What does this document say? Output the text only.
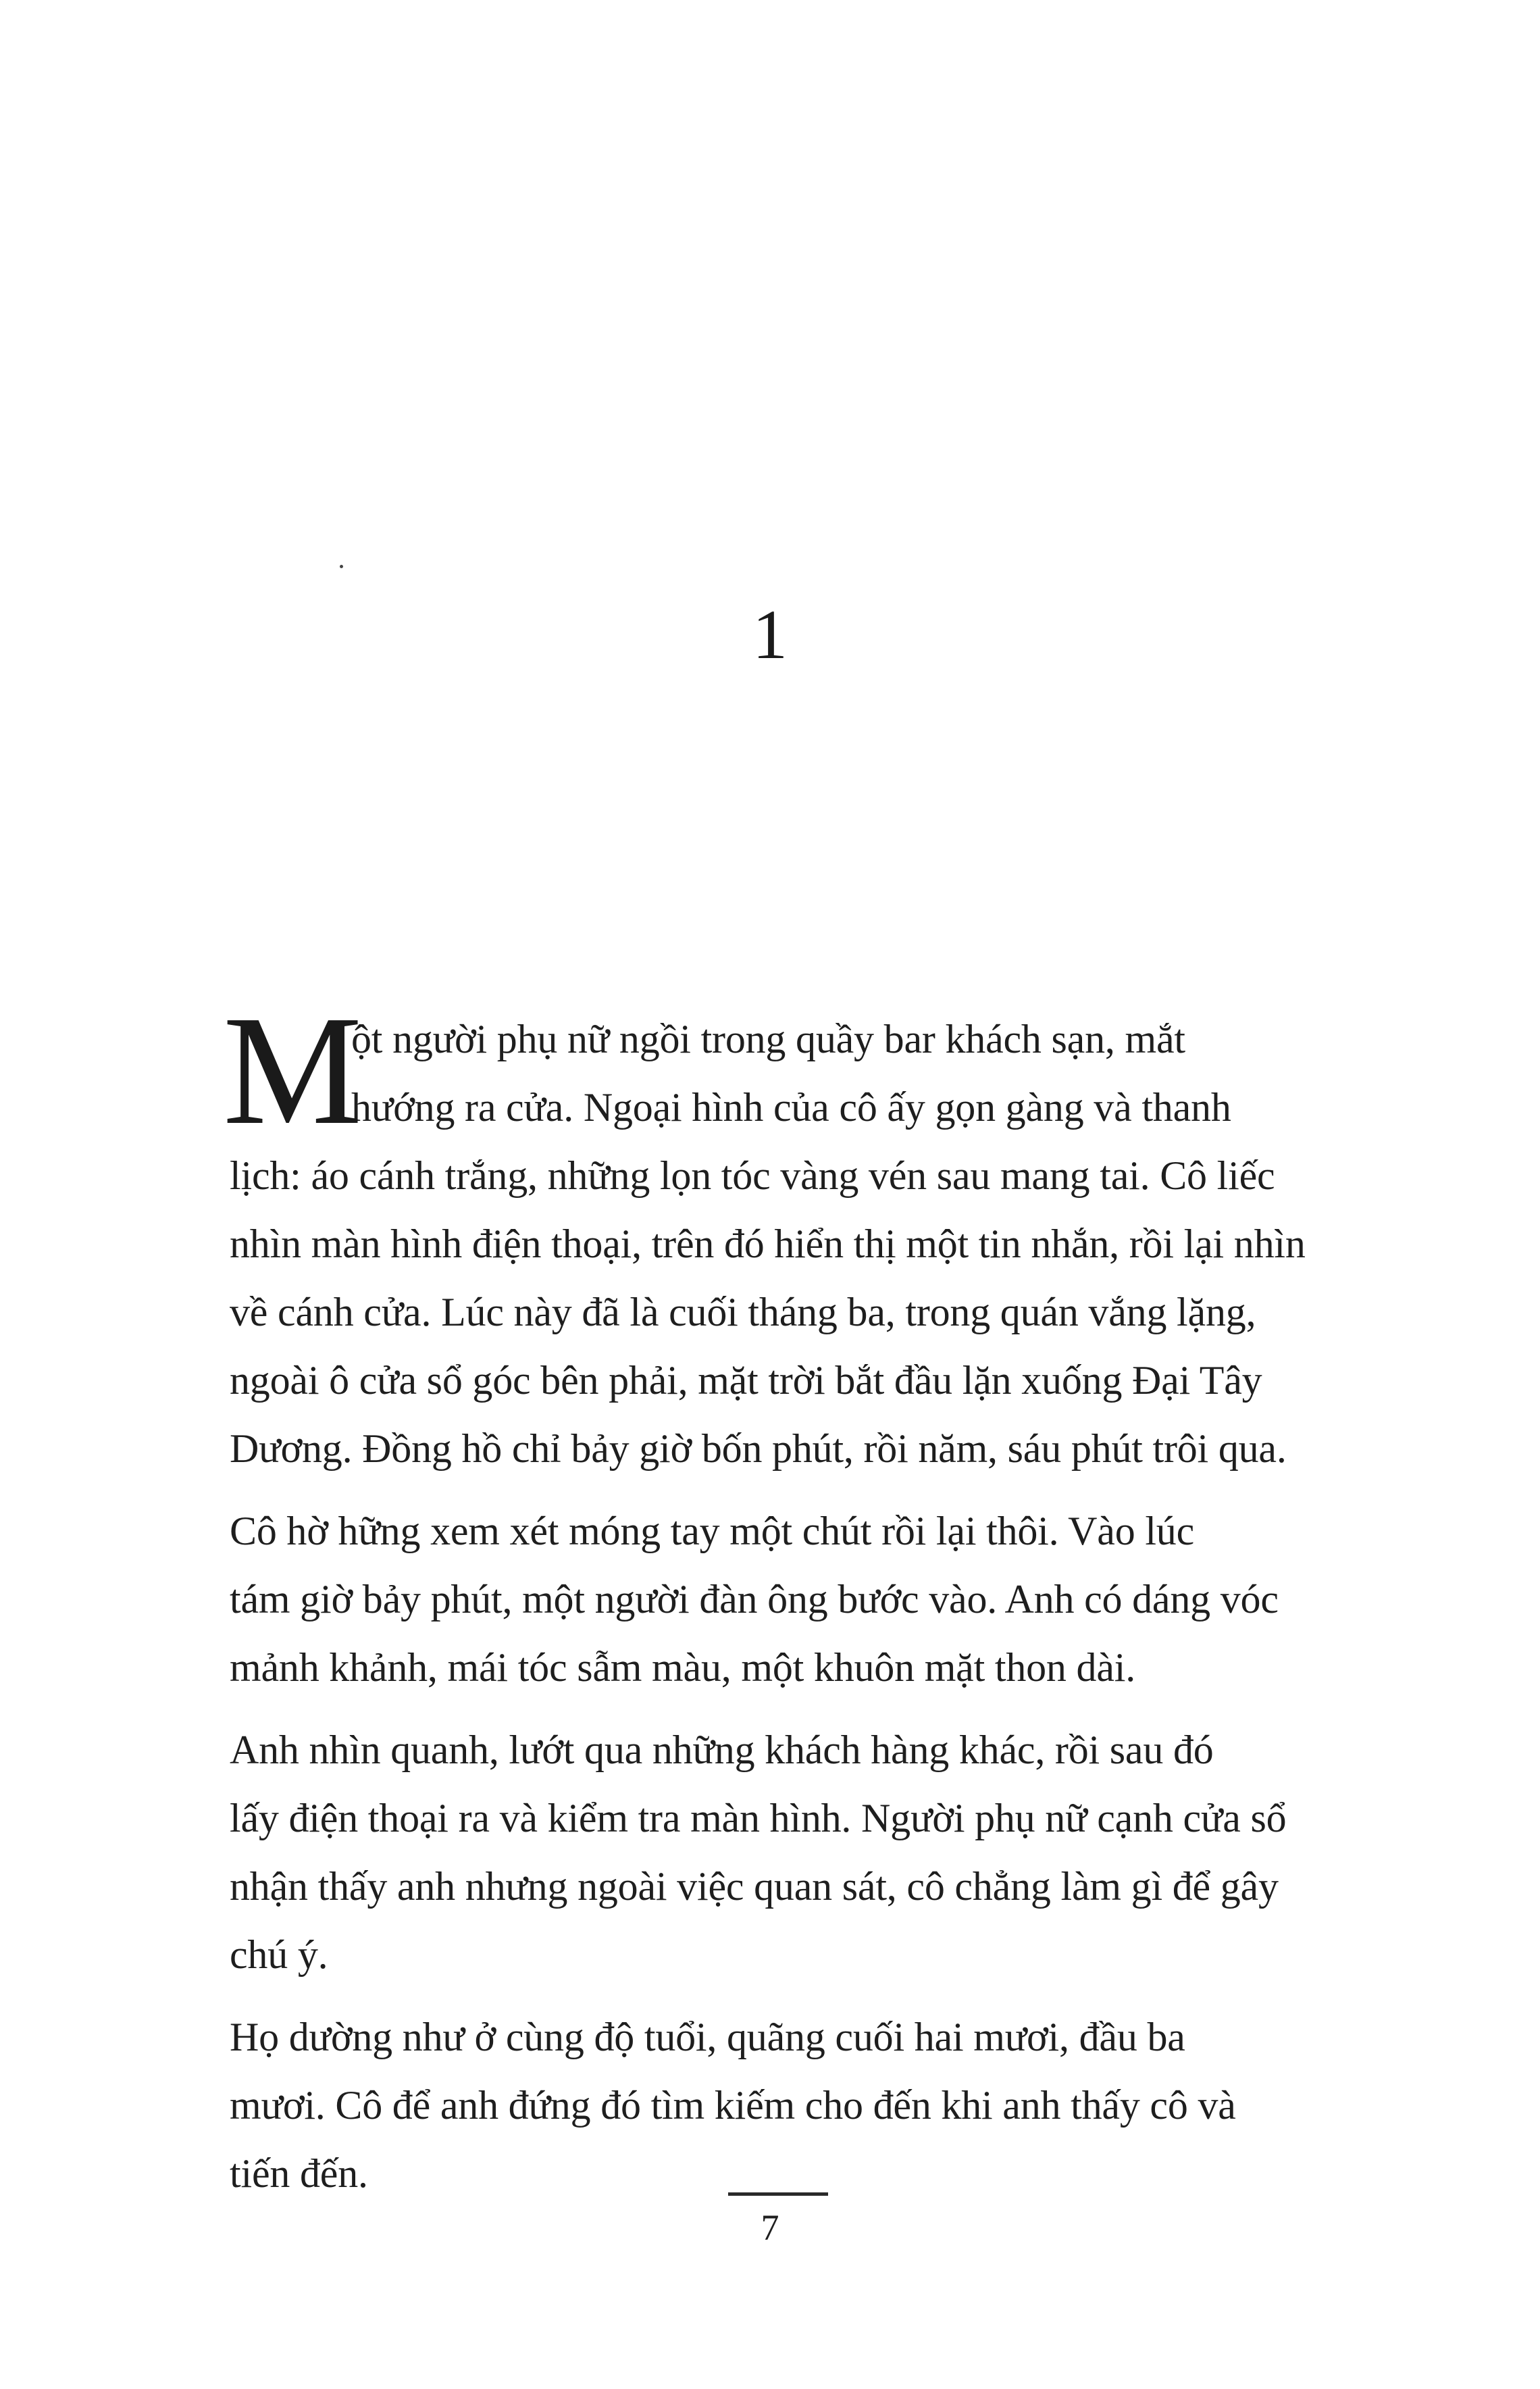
1

M
ột người phụ nữ ngồi trong quầy bar khách sạn, mắt
hướng ra cửa. Ngoại hình của cô ấy gọn gàng và thanh
lịch: áo cánh trắng, những lọn tóc vàng vén sau mang tai. Cô liếc
nhìn màn hình điện thoại, trên đó hiển thị một tin nhắn, rồi lại nhìn
về cánh cửa. Lúc này đã là cuối tháng ba, trong quán vắng lặng,
ngoài ô cửa sổ góc bên phải, mặt trời bắt đầu lặn xuống Đại Tây
Dương. Đồng hồ chỉ bảy giờ bốn phút, rồi năm, sáu phút trôi qua.

Cô hờ hững xem xét móng tay một chút rồi lại thôi. Vào lúc
tám giờ bảy phút, một người đàn ông bước vào. Anh có dáng vóc
mảnh khảnh, mái tóc sẫm màu, một khuôn mặt thon dài.

Anh nhìn quanh, lướt qua những khách hàng khác, rồi sau đó
lấy điện thoại ra và kiểm tra màn hình. Người phụ nữ cạnh cửa sổ
nhận thấy anh nhưng ngoài việc quan sát, cô chẳng làm gì để gây
chú ý.

Họ dường như ở cùng độ tuổi, quãng cuối hai mươi, đầu ba
mươi. Cô để anh đứng đó tìm kiếm cho đến khi anh thấy cô và
tiến đến.

7
